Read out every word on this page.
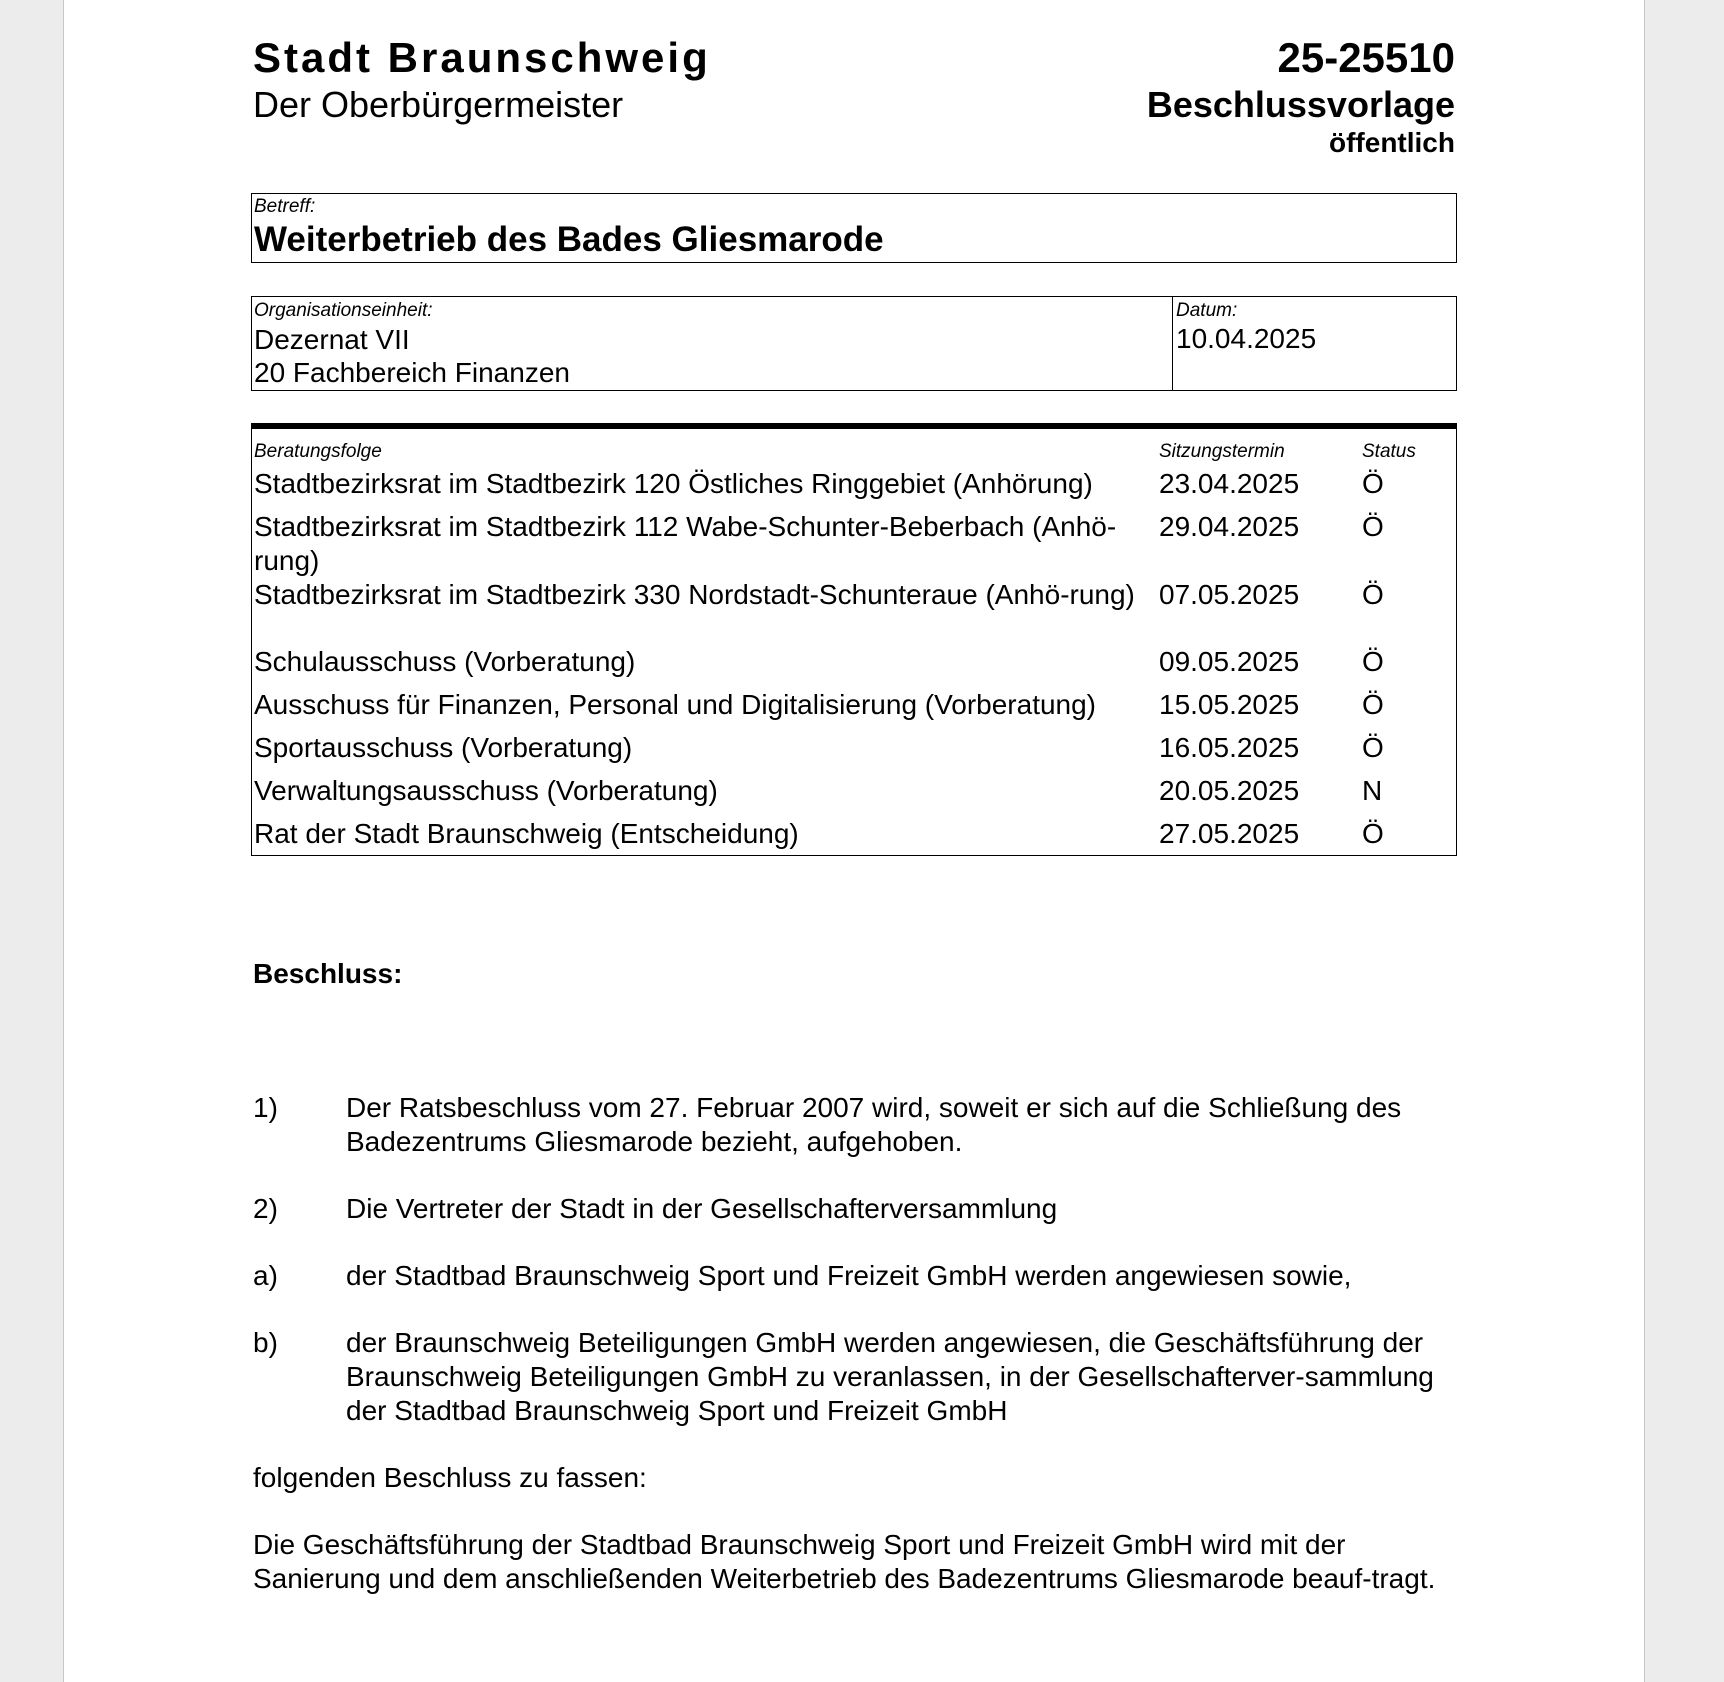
Stadt Braunschweig
Der Oberbürgermeister
25-25510
Beschlussvorlage
öffentlich
Betreff:
Weiterbetrieb des Bades Gliesmarode
Organisationseinheit:
Dezernat VII
20 Fachbereich Finanzen
Datum:
10.04.2025
Beratungsfolge	Sitzungstermin	Status
Stadtbezirksrat im Stadtbezirk 120 Östliches Ringgebiet (Anhörung)	23.04.2025 Ö
Stadtbezirksrat im Stadtbezirk 112 Wabe-Schunter-Beberbach (Anhö-rung)
29.04.2025 Ö
Stadtbezirksrat im Stadtbezirk 330 Nordstadt-Schunteraue (Anhö-rung) 07.05.2025 Ö
Schulausschuss (Vorberatung)	09.05.2025 Ö
Ausschuss für Finanzen, Personal und Digitalisierung (Vorberatung)	15.05.2025 Ö
Sportausschuss (Vorberatung)	16.05.2025 Ö
Verwaltungsausschuss (Vorberatung)	20.05.2025 N
Rat der Stadt Braunschweig (Entscheidung)	27.05.2025 Ö
Beschluss:
1) Der Ratsbeschluss vom 27. Februar 2007 wird, soweit er sich auf die Schließung des Badezentrums Gliesmarode bezieht, aufgehoben.
2) Die Vertreter der Stadt in der Gesellschafterversammlung
a) der Stadtbad Braunschweig Sport und Freizeit GmbH werden angewiesen sowie,
b) der Braunschweig Beteiligungen GmbH werden angewiesen, die Geschäftsführung der Braunschweig Beteiligungen GmbH zu veranlassen, in der Gesellschafterver-sammlung der Stadtbad Braunschweig Sport und Freizeit GmbH
folgenden Beschluss zu fassen:
Die Geschäftsführung der Stadtbad Braunschweig Sport und Freizeit GmbH wird mit der Sanierung und dem anschließenden Weiterbetrieb des Badezentrums Gliesmarode beauf-tragt.
